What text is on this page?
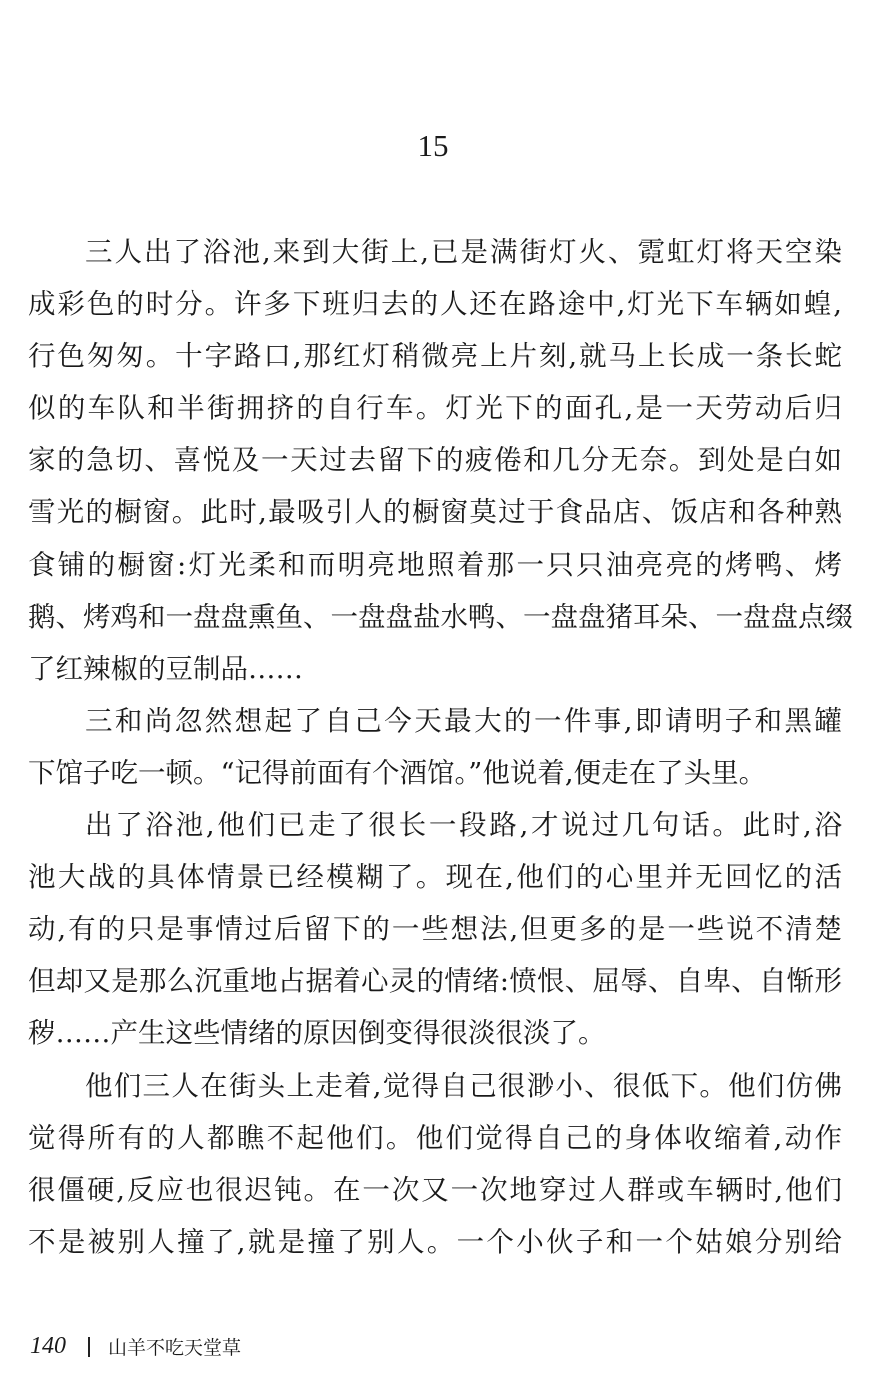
15
三人出了浴池,来到大街上,已是满街灯火、霓虹灯将天空染
成彩色的时分。许多下班归去的人还在路途中,灯光下车辆如蝗,
行色匆匆。十字路口,那红灯稍微亮上片刻,就马上长成一条长蛇
似的车队和半街拥挤的自行车。灯光下的面孔,是一天劳动后归
家的急切、喜悦及一天过去留下的疲倦和几分无奈。到处是白如
雪光的橱窗。此时,最吸引人的橱窗莫过于食品店、饭店和各种熟
食铺的橱窗:灯光柔和而明亮地照着那一只只油亮亮的烤鸭、烤
鹅、烤鸡和一盘盘熏鱼、一盘盘盐水鸭、一盘盘猪耳朵、一盘盘点缀
了红辣椒的豆制品……
三和尚忽然想起了自己今天最大的一件事,即请明子和黑罐
下馆子吃一顿。“记得前面有个酒馆。”他说着,便走在了头里。
出了浴池,他们已走了很长一段路,才说过几句话。此时,浴
池大战的具体情景已经模糊了。现在,他们的心里并无回忆的活
动,有的只是事情过后留下的一些想法,但更多的是一些说不清楚
但却又是那么沉重地占据着心灵的情绪:愤恨、屈辱、自卑、自惭形
秽……产生这些情绪的原因倒变得很淡很淡了。
他们三人在街头上走着,觉得自己很渺小、很低下。他们仿佛
觉得所有的人都瞧不起他们。他们觉得自己的身体收缩着,动作
很僵硬,反应也很迟钝。在一次又一次地穿过人群或车辆时,他们
不是被别人撞了,就是撞了别人。一个小伙子和一个姑娘分别给
140 山羊不吃天堂草
